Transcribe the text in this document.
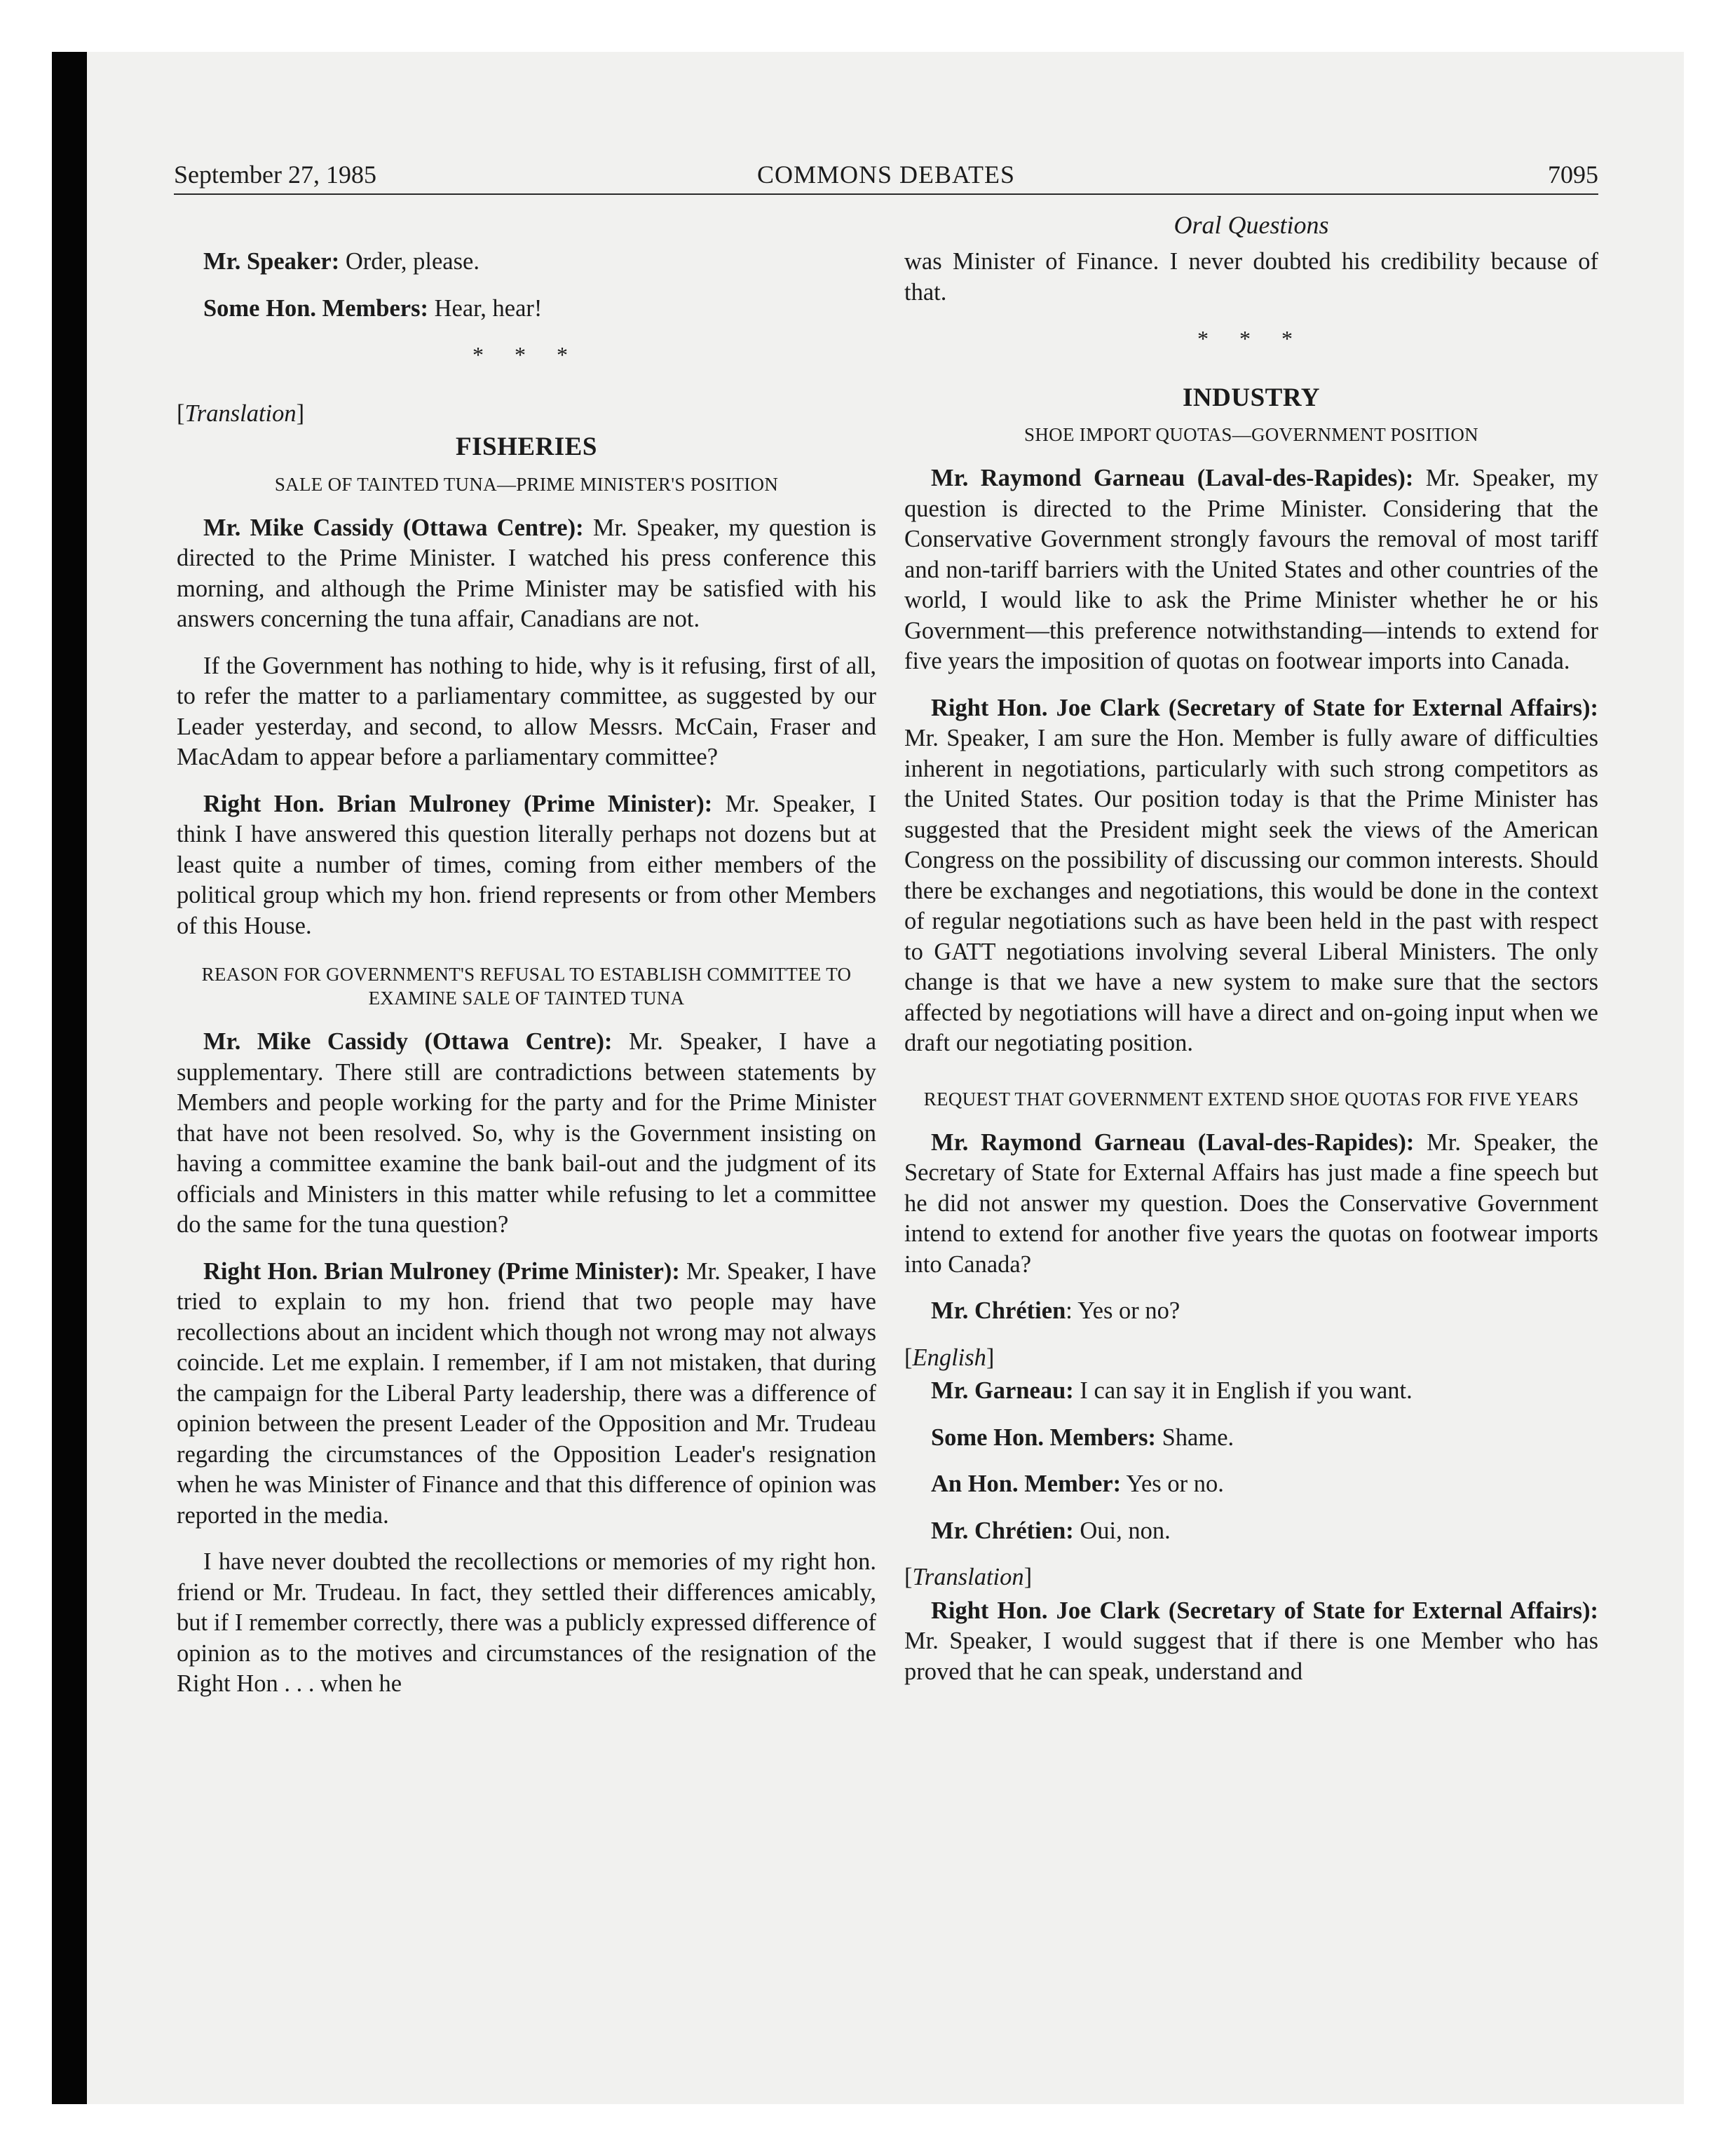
September 27, 1985	COMMONS DEBATES	7095
Oral Questions

Mr. Speaker: Order, please.

Some Hon. Members: Hear, hear!

* * *
[Translation]
FISHERIES
SALE OF TAINTED TUNA—PRIME MINISTER'S POSITION

Mr. Mike Cassidy (Ottawa Centre): Mr. Speaker, my question is directed to the Prime Minister. I watched his press conference this morning, and although the Prime Minister may be satisfied with his answers concerning the tuna affair, Canadians are not.

If the Government has nothing to hide, why is it refusing, first of all, to refer the matter to a parliamentary committee, as suggested by our Leader yesterday, and second, to allow Messrs. McCain, Fraser and MacAdam to appear before a parliamentary committee?

Right Hon. Brian Mulroney (Prime Minister): Mr. Speaker, I think I have answered this question literally perhaps not dozens but at least quite a number of times, coming from either members of the political group which my hon. friend represents or from other Members of this House.

REASON FOR GOVERNMENT'S REFUSAL TO ESTABLISH COMMITTEE TO EXAMINE SALE OF TAINTED TUNA

Mr. Mike Cassidy (Ottawa Centre): Mr. Speaker, I have a supplementary. There still are contradictions between statements by Members and people working for the party and for the Prime Minister that have not been resolved. So, why is the Government insisting on having a committee examine the bank bail-out and the judgment of its officials and Ministers in this matter while refusing to let a committee do the same for the tuna question?

Right Hon. Brian Mulroney (Prime Minister): Mr. Speaker, I have tried to explain to my hon. friend that two people may have recollections about an incident which though not wrong may not always coincide. Let me explain. I remember, if I am not mistaken, that during the campaign for the Liberal Party leadership, there was a difference of opinion between the present Leader of the Opposition and Mr. Trudeau regarding the circumstances of the Opposition Leader's resignation when he was Minister of Finance and that this difference of opinion was reported in the media.

I have never doubted the recollections or memories of my right hon. friend or Mr. Trudeau. In fact, they settled their differences amicably, but if I remember correctly, there was a publicly expressed difference of opinion as to the motives and circumstances of the resignation of the Right Hon . . . when he

was Minister of Finance. I never doubted his credibility because of that.

* * *
INDUSTRY
SHOE IMPORT QUOTAS—GOVERNMENT POSITION

Mr. Raymond Garneau (Laval-des-Rapides): Mr. Speaker, my question is directed to the Prime Minister. Considering that the Conservative Government strongly favours the removal of most tariff and non-tariff barriers with the United States and other countries of the world, I would like to ask the Prime Minister whether he or his Government—this preference notwithstanding—intends to extend for five years the imposition of quotas on footwear imports into Canada.

Right Hon. Joe Clark (Secretary of State for External Affairs): Mr. Speaker, I am sure the Hon. Member is fully aware of difficulties inherent in negotiations, particularly with such strong competitors as the United States. Our position today is that the Prime Minister has suggested that the President might seek the views of the American Congress on the possibility of discussing our common interests. Should there be exchanges and negotiations, this would be done in the context of regular negotiations such as have been held in the past with respect to GATT negotiations involving several Liberal Ministers. The only change is that we have a new system to make sure that the sectors affected by negotiations will have a direct and on-going input when we draft our negotiating position.

REQUEST THAT GOVERNMENT EXTEND SHOE QUOTAS FOR FIVE YEARS

Mr. Raymond Garneau (Laval-des-Rapides): Mr. Speaker, the Secretary of State for External Affairs has just made a fine speech but he did not answer my question. Does the Conservative Government intend to extend for another five years the quotas on footwear imports into Canada?

Mr. Chrétien: Yes or no?

[English]

Mr. Garneau: I can say it in English if you want.

Some Hon. Members: Shame.

An Hon. Member: Yes or no.

Mr. Chrétien: Oui, non.

[Translation]

Right Hon. Joe Clark (Secretary of State for External Affairs): Mr. Speaker, I would suggest that if there is one Member who has proved that he can speak, understand and
